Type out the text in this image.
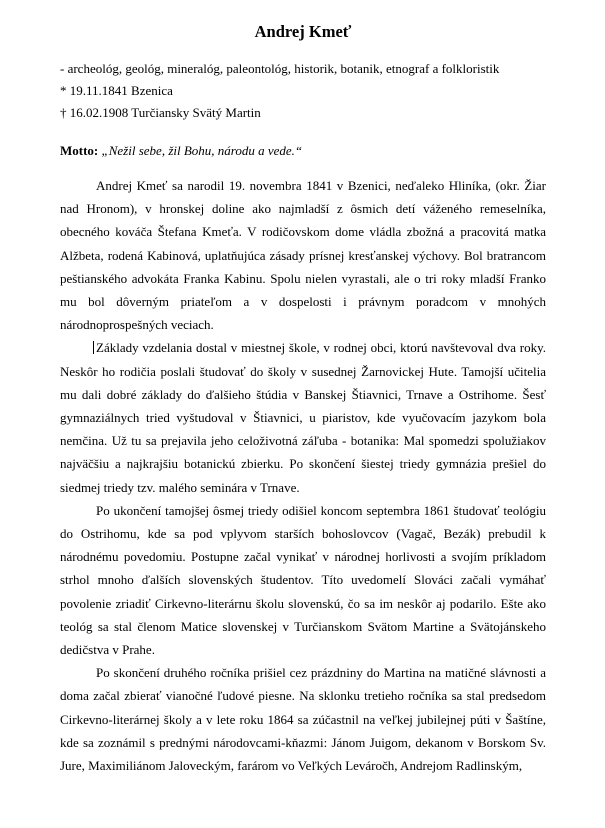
Andrej Kmeť

- archeológ, geológ, mineralóg, paleontológ, historik, botanik, etnograf a folkloristik

* 19.11.1841 Bzenica

† 16.02.1908 Turčiansky Svätý Martin

Motto: „Nežil sebe, žil Bohu, národu a vede.“

Andrej Kmeť sa narodil 19. novembra 1841 v Bzenici, neďaleko Hliníka, (okr. Žiar nad Hronom), v hronskej doline ako najmladší z ôsmich detí váženého remeselníka, obecného kováča Štefana Kmeťa. V rodičovskom dome vládla zbožná a pracovitá matka Alžbeta, rodená Kabinová, uplatňujúca zásady prísnej kresťanskej výchovy. Bol bratrancom peštianského advokáta Franka Kabinu. Spolu nielen vyrastali, ale o tri roky mladší Franko mu bol dôverným priateľom a v dospelosti i právnym poradcom v mnohých národnoprospešných veciach.

Základy vzdelania dostal v miestnej škole, v rodnej obci, ktorú navštevoval dva roky. Neskôr ho rodičia poslali študovať do školy v susednej Žarnovickej Hute. Tamojší učitelia mu dali dobré základy do ďalšieho štúdia v Banskej Štiavnici, Trnave a Ostrihome. Šesť gymnaziálnych tried vyštudoval v Štiavnici, u piaristov, kde vyučovacím jazykom bola nemčina. Už tu sa prejavila jeho celoživotná záľuba - botanika: Mal spomedzi spolužiakov najväčšiu a najkrajšiu botanickú zbierku. Po skončení šiestej triedy gymnázia prešiel do siedmej triedy tzv. malého seminára v Trnave.

Po ukončení tamojšej ôsmej triedy odišiel koncom septembra 1861 študovať teológiu do Ostrihomu, kde sa pod vplyvom starších bohoslovcov (Vagač, Bezák) prebudil k národnému povedomiu. Postupne začal vynikať v národnej horlivosti a svojím príkladom strhol mnoho ďalších slovenských študentov. Títo uvedomelí Slováci začali vymáhať povolenie zriadiť Cirkevno-literárnu školu slovenskú, čo sa im neskôr aj podarilo. Ešte ako teológ sa stal členom Matice slovenskej v Turčianskom Svätom Martine a Svätojánskeho dedičstva v Prahe.

Po skončení druhého ročníka prišiel cez prázdniny do Martina na matičné slávnosti a doma začal zbierať vianočné ľudové piesne. Na sklonku tretieho ročníka sa stal predsedom Cirkevno-literárnej školy a v lete roku 1864 sa zúčastnil na veľkej jubilejnej púti v Šaštíne, kde sa zoznámil s prednými národovcami-kňazmi: Jánom Juigom, dekanom v Borskom Sv. Jure, Maximiliánom Jaloveckým, farárom vo Veľkých Leváročh, Andrejom Radlinským,
